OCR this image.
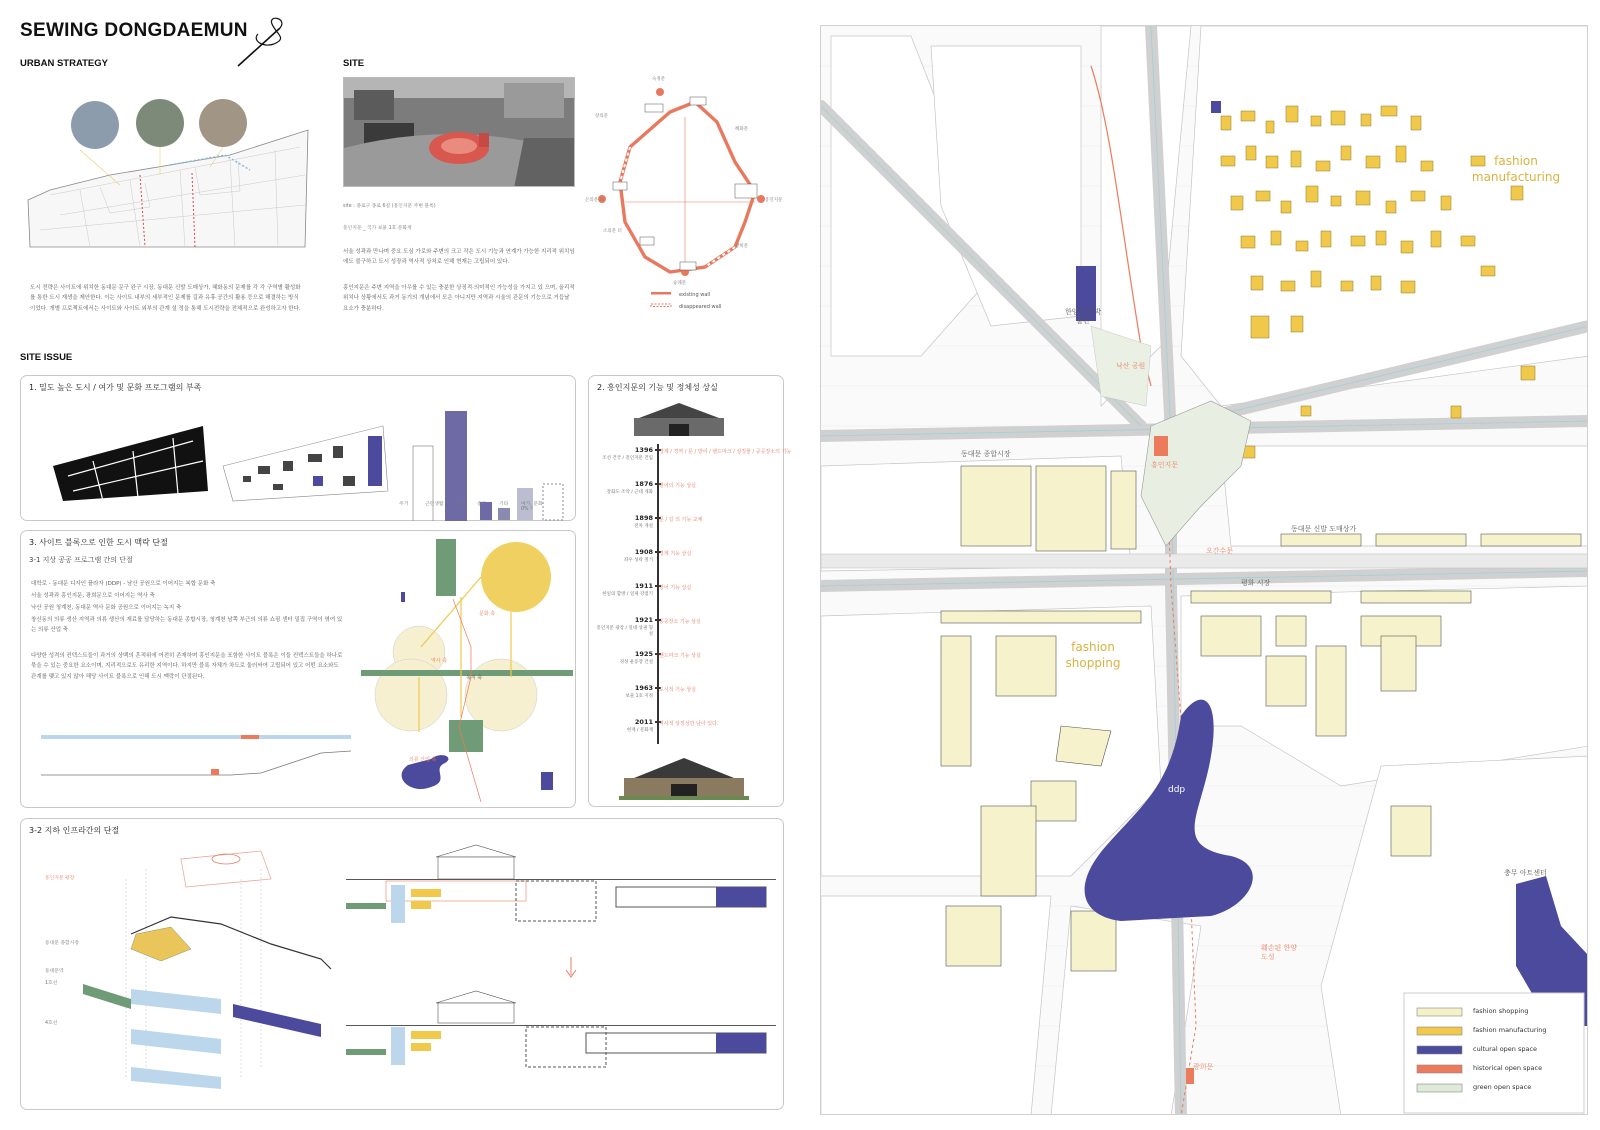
SEWING DONGDAEMUN
URBAN STRATEGY	SITE
도시 전략은 사이트에 위치한 동대문 문구 완구 시장, 동대문 신발 도매상가, 혜화동의 문제를 각 각 구역별 활성화를 통한 도시 재생을 제안한다. 이는 사이트 내부의 세부적인 문제를 길과 유휴 공간의 활용 등으로 해결하는 방식이었다. 개별 프로젝트에서는 사이트와 사이트 외부의 관계 설 정을 통해 도시전략을 전체적으로 완성하고자 한다.
site : 종로구 종로 6길 (흥인지문 주변 블록)
흥인지문 _ 국가 보물 1호 문화재
서울 성곽과 만나며 중요 도심 가로와 주변의 크고 작은 도시 기능과 연계가 가능한 지리적 위치임에도 불구하고 도시 성장과 역사적 상처로 인해 현재는 고립되어 있다.
흥인지문은 주변 지역을 아우를 수 있는 충분한 상징적·의미적인 가능성을 가지고 있 으며, 올리적 위치나 상황에서도 과거 동기의 개념에서 모은 아니지만 지역과 시울의 관문의 기능으로 거듭날 요소가 충분하다.
existing wall
disappeared wall
숙정문
흥인지문
돈의문 터
숭례문
혜화문
광희문
소의문 터
창의문
SITE ISSUE
1. 밀도 높은 도시 / 여가 및 문화 프로그램의 부족
주거	근린생활	업무 종교	기타	여가, 문화 0% !
2. 흥인지문의 기능 및 정체성 상실
1396
조선 건국 / 흥인지문 건립
경계 / 경역 / 문 / 방어 / 랜드마크 / 상징물 / 공공장소의 기능
1876
강화도 조약 / 근대 개화
방어의 기능 상실
1898
전차 개설
문 / 길 의 기능 교체
1908
좌우 성곽 철거
경계 기능 상실
1911
한일의 합방 / 일제 강점기
방어 기능 상실
1921
흥인지문 광장 / 일대 상권 형성
공공장소 기능 상실
1925
경성 운동장 건설
랜드마크 기능 상실
1963
보물 1호 지정
도시적 기능 상실
2011
현재 / 문화재
역사적 상징성만 남아 있다.
3. 사이트 블록으로 인한 도시 맥락 단절
3-1 지상 공공 프로그램 간의 단절
대학로 - 동대문 디자인 플라자 (DDP) - 남산 공원으로 이어지는 복합 문화 축
서울 성곽과 흥인지문, 광희문으로 이어지는 역사 축
낙산 공원 청계천, 동대문 역사 문화 공원으로 이어지는 녹지 축
창신동의 의류 생산 지역과 의류 생산의 재료를 담당하는 동대문 종합시장, 청계천 남쪽 부근의 의류 쇼핑 센터 밀집 구역이 엮여 있는 의류 산업 축
다양한 성격의 컨텍스트들이 과거의 상백의 흔적위에 여전히 존재하며 흥인지문을 포함한 사이트 블록은 이들 컨텍스트들을 하나로 묶을 수 있는 중요한 요소이며, 지리적으로도 유리한 지역이다. 하지만 블록 자체가 차도로 둘러싸여 고립되어 있고 어떤 요소와도 관계를 맺고 있지 않아 해당 사이트 블록으로 인해 도시 맥락이 단절된다.
문화 축
역사 축
녹지 축
의류 산업 축
3-2 지하 인프라간의 단절
흥인지문 광장
동대문 종합시장
동대문역
1호선
4호선
fashion manufacturing
fashion shopping
ddp
한양도성 박물관
낙산 공원
흥인지문
동대문 종합시장
동대문 신발 도매상가
오간수문
평화 시장
충무 아트센터
훼손된 한양 도성
광희문
fashion shopping
fashion manufacturing
cultural open space
historical open space
green open space
